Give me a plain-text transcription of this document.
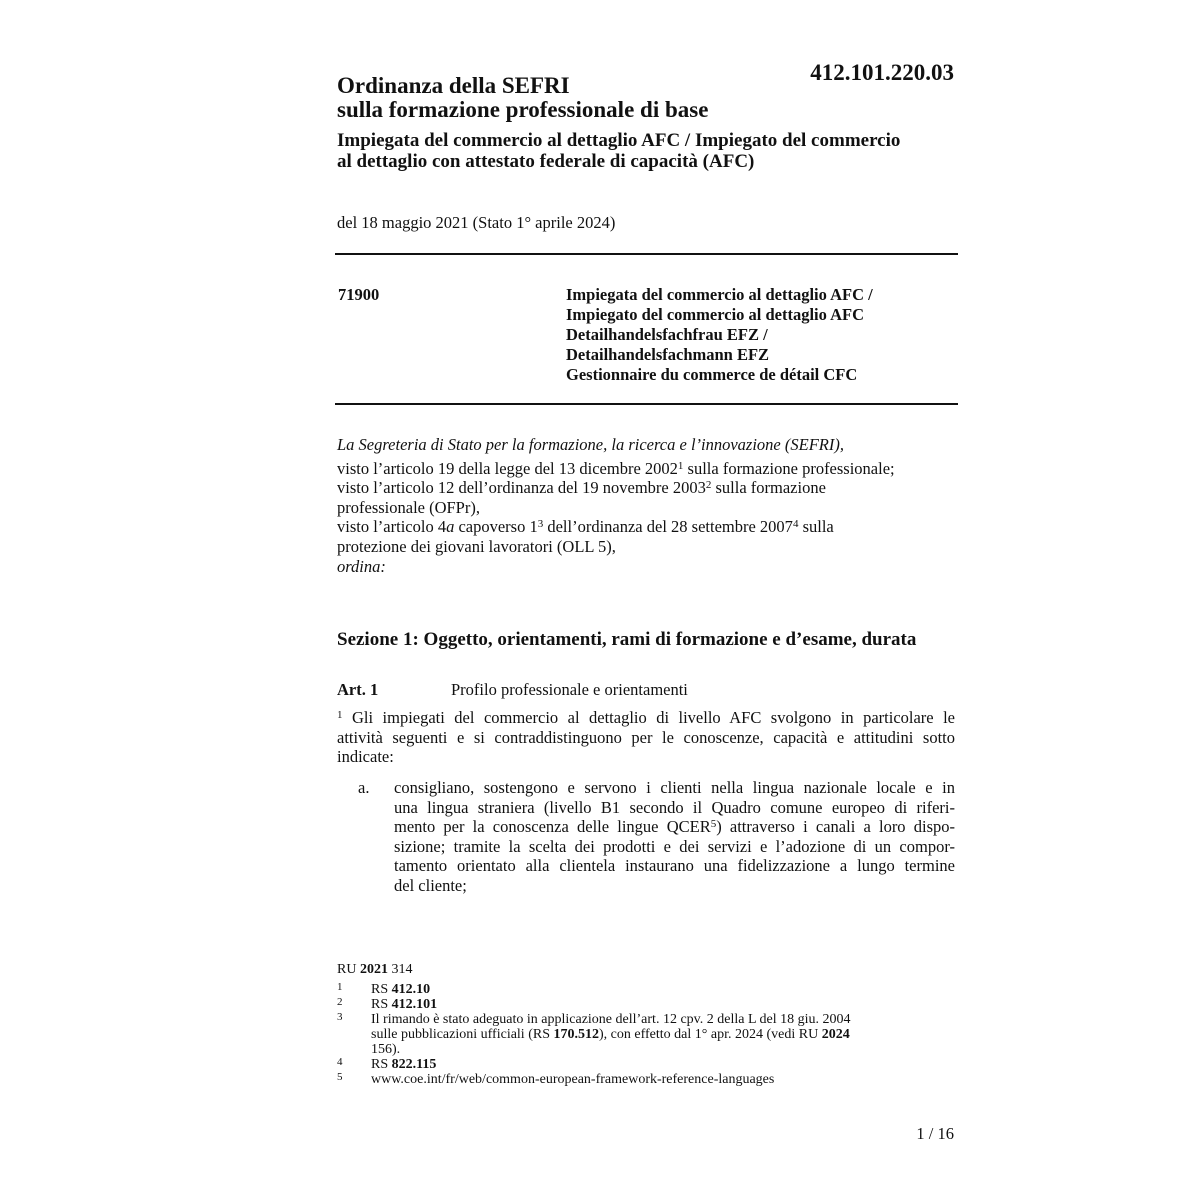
412.101.220.03
Ordinanza della SEFRI
sulla formazione professionale di base
Impiegata del commercio al dettaglio AFC / Impiegato del commercio
al dettaglio con attestato federale di capacità (AFC)
del 18 maggio 2021 (Stato 1° aprile 2024)
71900	Impiegata del commercio al dettaglio AFC /
Impiegato del commercio al dettaglio AFC
Detailhandelsfachfrau EFZ /
Detailhandelsfachmann EFZ
Gestionnaire du commerce de détail CFC
La Segreteria di Stato per la formazione, la ricerca e l’innovazione (SEFRI),
visto l’articolo 19 della legge del 13 dicembre 2002$^1$ sulla formazione professionale;
visto l’articolo 12 dell’ordinanza del 19 novembre 2003$^2$ sulla formazione
professionale (OFPr),
visto l’articolo 4a capoverso $1^3$ dell’ordinanza del 28 settembre 2007$^4$ sulla
protezione dei giovani lavoratori (OLL 5),
ordina:
Sezione 1: Oggetto, orientamenti, rami di formazione e d’esame, durata
Art. 1	Profilo professionale e orientamenti
$^1$ Gli impiegati del commercio al dettaglio di livello AFC svolgono in particolare le
attività seguenti e si contraddistinguono per le conoscenze, capacità e attitudini sotto
indicate:
a. consigliano, sostengono e servono i clienti nella lingua nazionale locale e in
una lingua straniera (livello B1 secondo il Quadro comune europeo di riferi-
mento per la conoscenza delle lingue QCER$^5$) attraverso i canali a loro dispo-
sizione; tramite la scelta dei prodotti e dei servizi e l’adozione di un compor-
tamento orientato alla clientela instaurano una fidelizzazione a lungo termine
del cliente;
RU 2021 314
1 RS 412.10
2 RS 412.101
3 Il rimando è stato adeguato in applicazione dell’art. 12 cpv. 2 della L del 18 giu. 2004
sulle pubblicazioni ufficiali (RS 170.512), con effetto dal 1° apr. 2024 (vedi RU 2024
156).
4 RS 822.115
5 www.coe.int/fr/web/common-european-framework-reference-languages
1 / 16
